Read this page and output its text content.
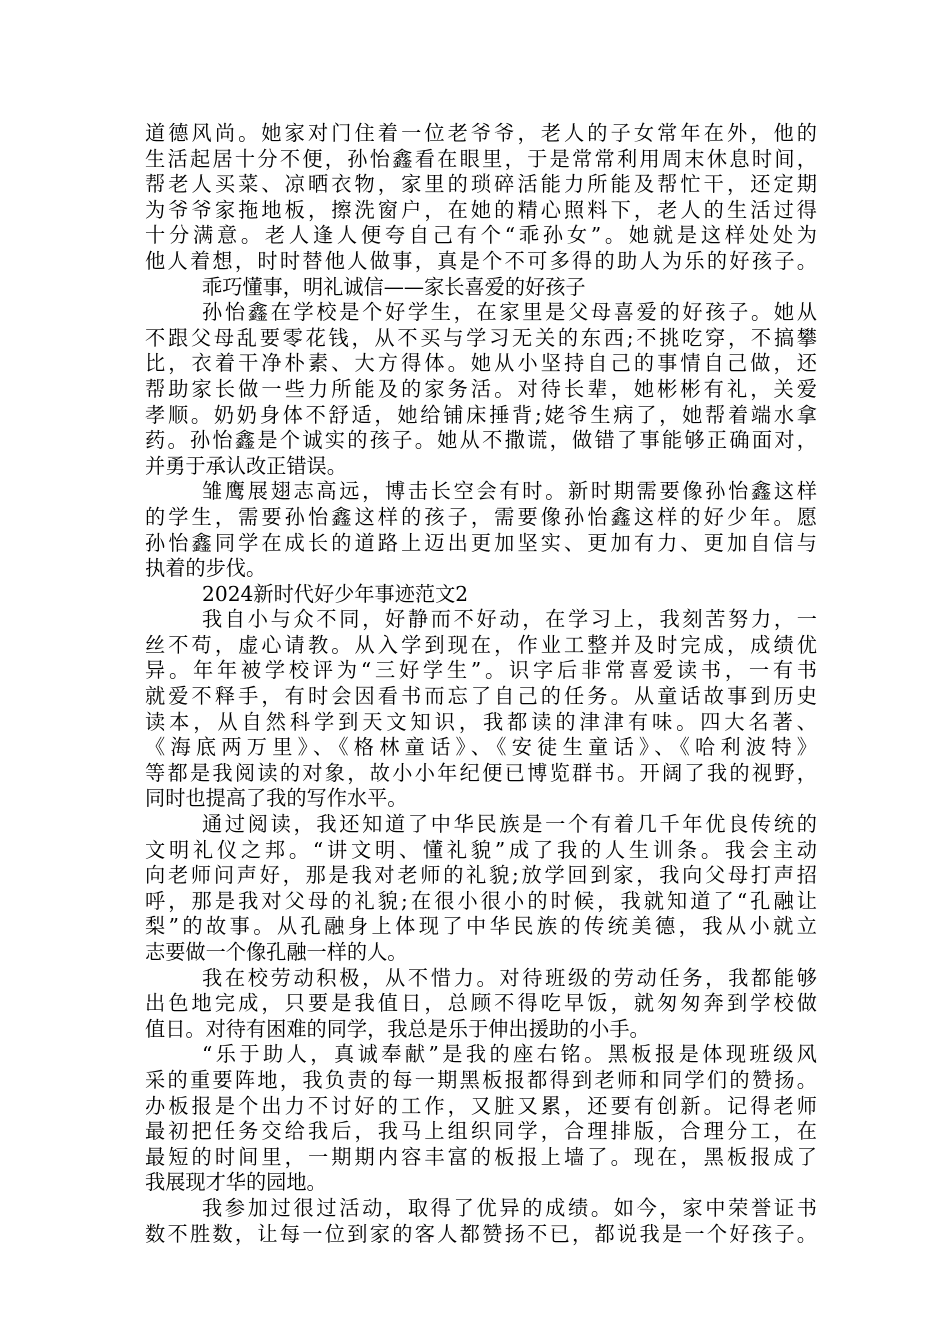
道德风尚。她家对门住着一位老爷爷，老人的子女常年在外，他的
生活起居十分不便，孙怡鑫看在眼里，于是常常利用周末休息时间，
帮老人买菜、凉晒衣物，家里的琐碎活能力所能及帮忙干，还定期
为爷爷家拖地板，擦洗窗户，在她的精心照料下，老人的生活过得
十分满意。老人逢人便夸自己有个“乖孙女”。她就是这样处处为
他人着想，时时替他人做事，真是个不可多得的助人为乐的好孩子。
乖巧懂事，明礼诚信——家长喜爱的好孩子
孙怡鑫在学校是个好学生，在家里是父母喜爱的好孩子。她从
不跟父母乱要零花钱，从不买与学习无关的东西;不挑吃穿，不搞攀
比，衣着干净朴素、大方得体。她从小坚持自己的事情自己做，还
帮助家长做一些力所能及的家务活。对待长辈，她彬彬有礼，关爱
孝顺。奶奶身体不舒适，她给铺床捶背;姥爷生病了，她帮着端水拿
药。孙怡鑫是个诚实的孩子。她从不撒谎，做错了事能够正确面对，
并勇于承认改正错误。
雏鹰展翅志高远，博击长空会有时。新时期需要像孙怡鑫这样
的学生，需要孙怡鑫这样的孩子，需要像孙怡鑫这样的好少年。愿
孙怡鑫同学在成长的道路上迈出更加坚实、更加有力、更加自信与
执着的步伐。
2024新时代好少年事迹范文2
我自小与众不同，好静而不好动，在学习上，我刻苦努力，一
丝不苟，虚心请教。从入学到现在，作业工整并及时完成，成绩优
异。年年被学校评为“三好学生”。识字后非常喜爱读书，一有书
就爱不释手，有时会因看书而忘了自己的任务。从童话故事到历史
读本，从自然科学到天文知识，我都读的津津有味。四大名著、
《海底两万里》、《格林童话》、《安徒生童话》、《哈利波特》
等都是我阅读的对象，故小小年纪便已博览群书。开阔了我的视野，
同时也提高了我的写作水平。
通过阅读，我还知道了中华民族是一个有着几千年优良传统的
文明礼仪之邦。“讲文明、懂礼貌”成了我的人生训条。我会主动
向老师问声好，那是我对老师的礼貌;放学回到家，我向父母打声招
呼，那是我对父母的礼貌;在很小很小的时候，我就知道了“孔融让
梨”的故事。从孔融身上体现了中华民族的传统美德，我从小就立
志要做一个像孔融一样的人。
我在校劳动积极，从不惜力。对待班级的劳动任务，我都能够
出色地完成，只要是我值日，总顾不得吃早饭，就匆匆奔到学校做
值日。对待有困难的同学，我总是乐于伸出援助的小手。
“乐于助人，真诚奉献”是我的座右铭。黑板报是体现班级风
采的重要阵地，我负责的每一期黑板报都得到老师和同学们的赞扬。
办板报是个出力不讨好的工作，又脏又累，还要有创新。记得老师
最初把任务交给我后，我马上组织同学，合理排版，合理分工，在
最短的时间里，一期期内容丰富的板报上墙了。现在，黑板报成了
我展现才华的园地。
我参加过很过活动，取得了优异的成绩。如今，家中荣誉证书
数不胜数，让每一位到家的客人都赞扬不已，都说我是一个好孩子。
